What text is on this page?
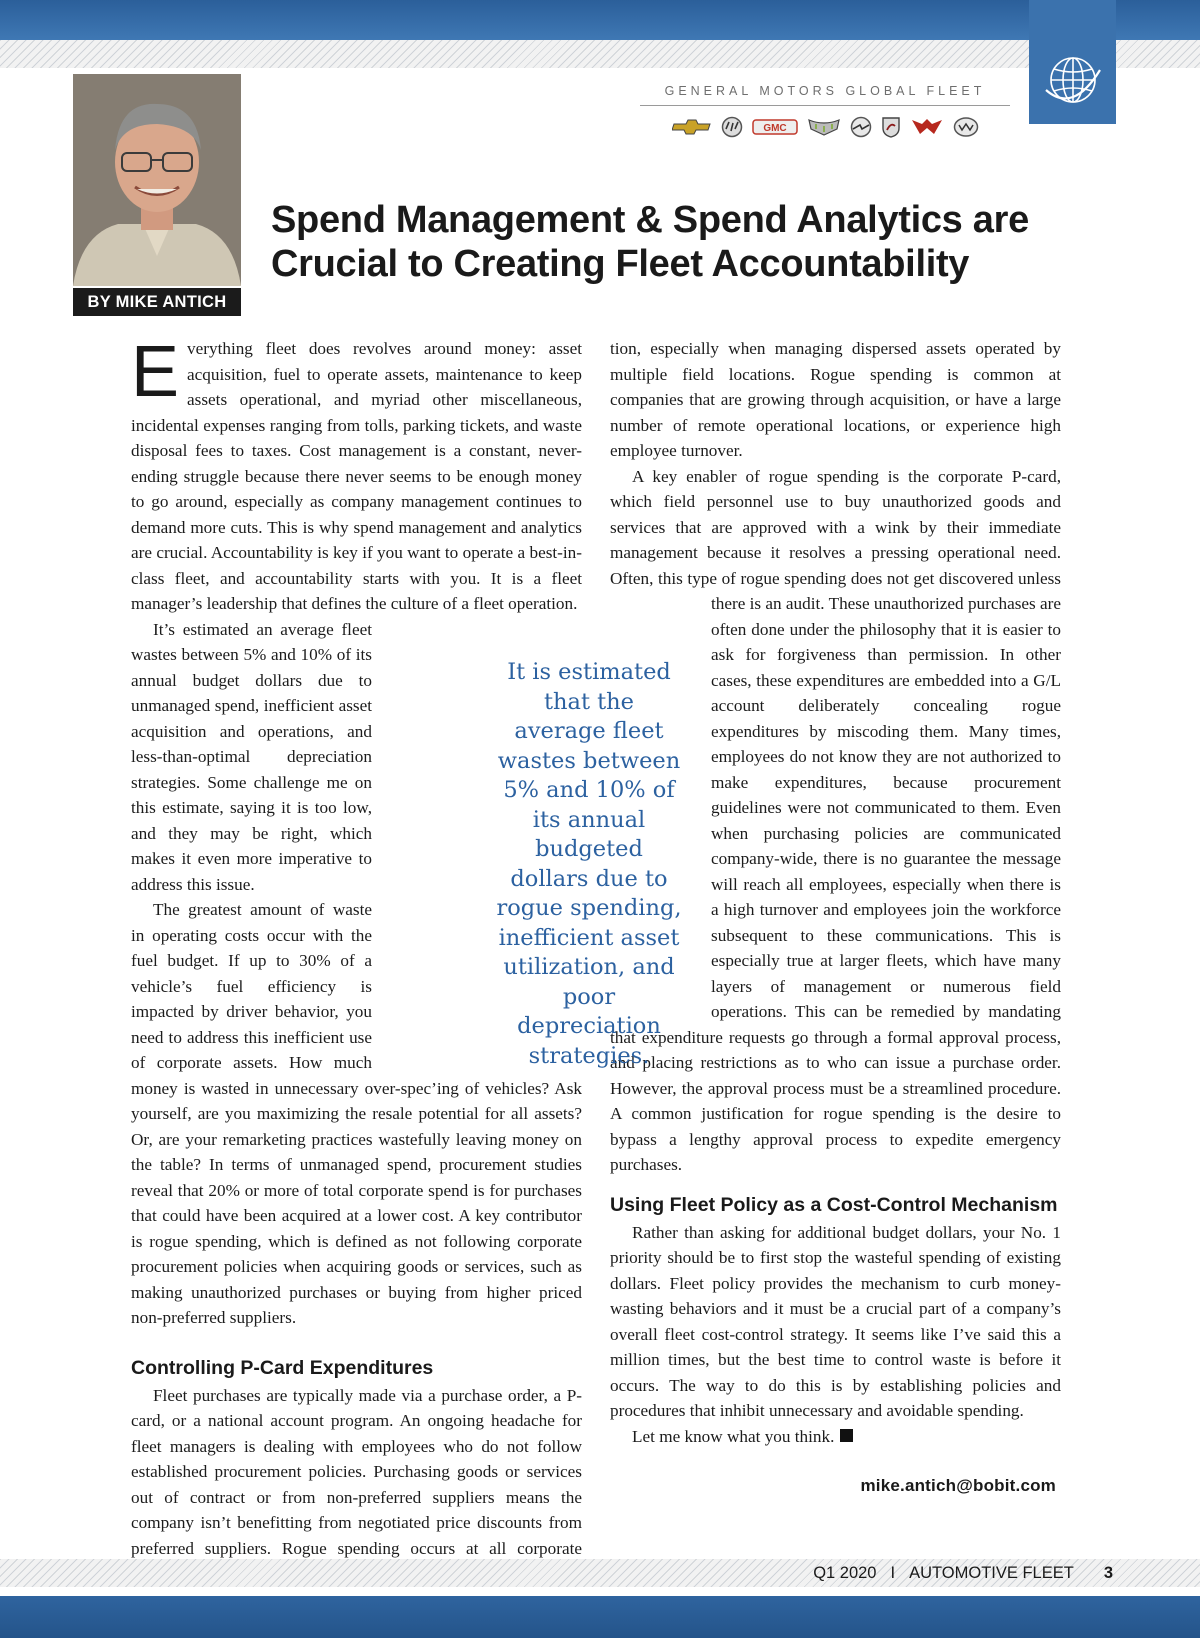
GENERAL MOTORS GLOBAL FLEET
GMC
BY MIKE ANTICH
Spend Management & Spend Analytics are Crucial to Creating Fleet Accountability

Everything fleet does revolves around money: asset acquisition, fuel to operate assets, maintenance to keep assets operational, and myriad other miscellaneous, incidental expenses ranging from tolls, parking tickets, and waste disposal fees to taxes. Cost management is a constant, never-ending struggle because there never seems to be enough money to go around, especially as company management continues to demand more cuts. This is why spend management and analytics are crucial. Accountability is key if you want to operate a best-in-class fleet, and accountability starts with you. It is a fleet manager’s leadership that defines the culture of a fleet operation.

It’s estimated an average fleet wastes between 5% and 10% of its annual budget dollars due to unmanaged spend, inefficient asset acquisition and operations, and less-than-optimal depreciation strategies. Some challenge me on this estimate, saying it is too low, and they may be right, which makes it even more imperative to address this issue.

The greatest amount of waste in operating costs occur with the fuel budget. If up to 30% of a vehicle’s fuel efficiency is impacted by driver behavior, you need to address this inefficient use of corporate assets. How much money is wasted in unnecessary over-spec’ing of vehicles? Ask yourself, are you maximizing the resale potential for all assets? Or, are your remarketing practices wastefully leaving money on the table? In terms of unmanaged spend, procurement studies reveal that 20% or more of total corporate spend is for purchases that could have been acquired at a lower cost. A key contributor is rogue spending, which is defined as not following corporate procurement policies when acquiring goods or services, such as making unauthorized purchases or buying from higher priced non-preferred suppliers.

Controlling P-Card Expenditures

Fleet purchases are typically made via a purchase order, a P-card, or a national account program. An ongoing headache for fleet managers is dealing with employees who do not follow established procurement policies. Purchasing goods or services out of contract or from non-preferred suppliers means the company isn’t benefitting from negotiated price discounts from preferred suppliers. Rogue spending occurs at all corporate

tion, especially when managing dispersed assets operated by multiple field locations. Rogue spending is common at companies that are growing through acquisition, or have a large number of remote operational locations, or experience high employee turnover.

A key enabler of rogue spending is the corporate P-card, which field personnel use to buy unauthorized goods and services that are approved with a wink by their immediate management because it resolves a pressing operational need. Often, this type of rogue spending does not get discovered unless there is an audit. These unauthorized purchases are
often done under the philosophy that it is easier to ask for forgiveness than permission. In other cases, these expenditures are embedded into a G/L account deliberately concealing rogue expenditures by miscoding them. Many times, employees do not know they are not authorized to make expenditures, because procurement guidelines were not communicated to them. Even when purchasing policies are communicated company-wide, there is no guarantee the message will reach all employees, especially when there is a high turnover and employees join the workforce subsequent to these communications. This is especially true at larger fleets, which have many layers of management or numerous field operations. This can be remedied by mandating that expenditure requests go through a formal approval process, and placing restrictions as to who can issue a purchase order. However, the approval process must be a streamlined procedure. A common justification for rogue spending is the desire to bypass a lengthy approval process to expedite emergency purchases.

Using Fleet Policy as a Cost-Control Mechanism

Rather than asking for additional budget dollars, your No. 1 priority should be to first stop the wasteful spending of existing dollars. Fleet policy provides the mechanism to curb money-wasting behaviors and it must be a crucial part of a company’s overall fleet cost-control strategy. It seems like I’ve said this a million times, but the best time to control waste is before it occurs. The way to do this is by establishing policies and procedures that inhibit unnecessary and avoidable spending.

Let me know what you think.

It is estimated that the average fleet wastes between 5% and 10% of its annual budgeted dollars due to rogue spending, inefficient asset utilization, and poor depreciation strategies.

mike.antich@bobit.com
Q1 2020 I AUTOMOTIVE FLEET 3
